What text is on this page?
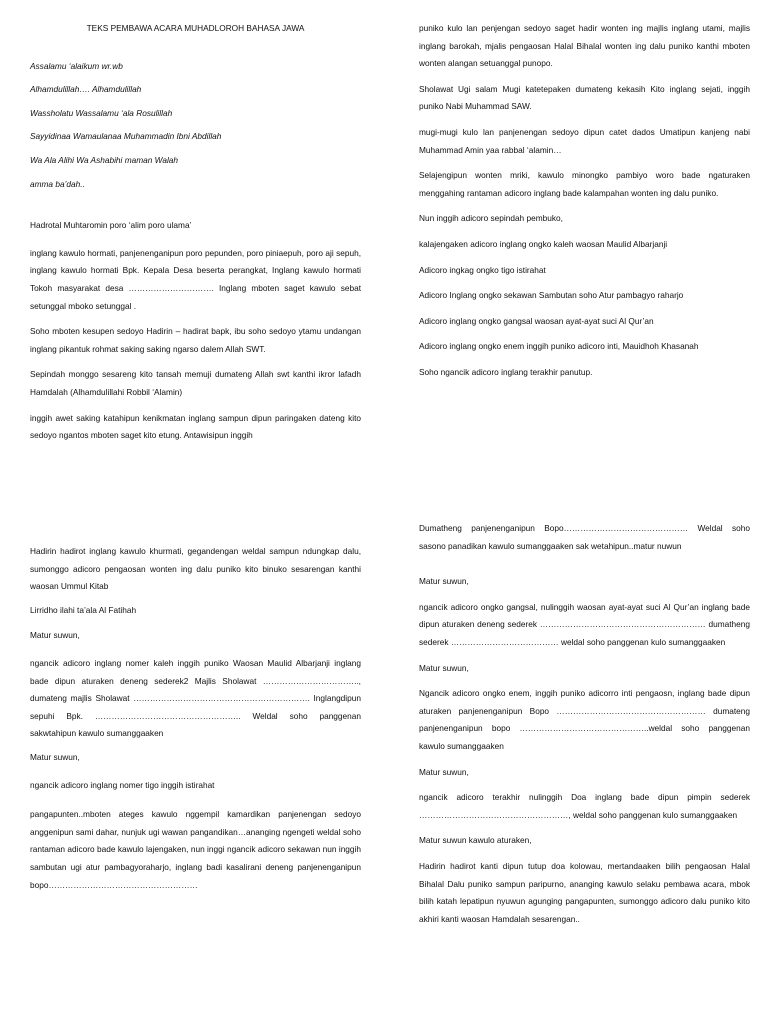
TEKS PEMBAWA ACARA MUHADLOROH BAHASA JAWA

Assalamu ‘alaikum wr.wb

Alhamdulillah…. Alhamdulillah

Wassholatu Wassalamu ‘ala Rosulillah

Sayyidinaa Wamaulanaa Muhammadin Ibni Abdillah

Wa Ala Alihi Wa Ashabihi maman Walah

amma ba’dah..

Hadrotal Muhtaromin poro ‘alim poro ulama’

inglang kawulo hormati, panjenenganipun poro pepunden, poro piniaepuh, poro aji sepuh, inglang kawulo hormati Bpk. Kepala Desa beserta perangkat, Inglang kawulo hormati Tokoh masyarakat desa …………………………. Inglang mboten saget kawulo sebat setunggal mboko setunggal .

Soho mboten kesupen sedoyo Hadirin – hadirat bapk, ibu soho sedoyo ytamu undangan inglang pikantuk rohmat saking saking ngarso dalem Allah SWT.

Sepindah monggo sesareng kito tansah memuji dumateng Allah swt kanthi ikror lafadh Hamdalah (Alhamdulillahi Robbil ‘Alamin)

inggih awet saking katahipun kenikmatan inglang sampun dipun paringaken dateng kito sedoyo ngantos mboten saget kito etung. Antawisipun inggih

puniko kulo lan penjengan sedoyo saget hadir wonten ing majlis inglang utami, majlis inglang barokah, mjalis pengaosan Halal Bihalal wonten ing dalu puniko kanthi mboten wonten alangan setuanggal punopo.

Sholawat Ugi salam Mugi katetepaken dumateng kekasih Kito inglang sejati, inggih puniko Nabi Muhammad SAW.

mugi-mugi kulo lan panjenengan sedoyo dipun catet dados Umatipun kanjeng nabi Muhammad Amin yaa rabbal ‘alamin…

Selajengipun wonten mriki, kawulo minongko pambiyo woro bade ngaturaken menggahing rantaman adicoro inglang bade kalampahan wonten ing dalu puniko.

Nun inggih adicoro sepindah pembuko,

kalajengaken adicoro inglang ongko kaleh waosan Maulid Albarjanji

Adicoro ingkag ongko tigo istirahat

Adicoro Inglang ongko sekawan Sambutan soho Atur pambagyo raharjo

Adicoro inglang ongko gangsal waosan ayat-ayat suci Al Qur’an

Adicoro inglang ongko enem inggih puniko adicoro inti, Mauidhoh Khasanah

Soho ngancik adicoro inglang terakhir panutup.

Hadirin hadirot inglang kawulo khurmati, gegandengan weldal sampun ndungkap dalu, sumonggo adicoro pengaosan wonten ing dalu puniko kito binuko sesarengan kanthi waosan Ummul Kitab

Lirridho ilahi ta’ala Al Fatihah

Matur suwun,

ngancik adicoro inglang nomer kaleh inggih puniko Waosan Maulid Albarjanji inglang bade dipun aturaken deneng sederek2 Majlis Sholawat …………………………….., dumateng majlis Sholawat ………………………………………………………. Inglangdipun sepuhi Bpk. …………………………………………….. Weldal soho panggenan sakwtahipun kawulo sumanggaaken

Matur suwun,

ngancik adicoro inglang nomer tigo inggih istirahat

pangapunten..mboten ateges kawulo nggempil kamardikan panjenengan sedoyo anggenipun sami dahar, nunjuk ugi wawan pangandikan…ananging ngengeti weldal soho rantaman adicoro bade kawulo lajengaken, nun inggi ngancik adicoro sekawan nun inggih sambutan ugi atur pambagyoraharjo, inglang badi kasalirani deneng panjenenganipun bopo………………………………………………

Dumatheng panjenenganipun Bopo……………………………………… Weldal soho sasono panadikan kawulo sumanggaaken sak wetahipun..matur nuwun

Matur suwun,

ngancik adicoro ongko gangsal, nulinggih waosan ayat-ayat suci Al Qur’an inglang bade dipun aturaken deneng sederek …………………………………………………… dumatheng sederek ………………………………… weldal soho panggenan kulo sumanggaaken

Matur suwun,

Ngancik adicoro ongko enem, inggih puniko adicorro inti pengaosn, inglang bade dipun aturaken panjenenganipun Bopo ……………………………………………… dumateng panjenenganipun bopo ………………………………………..weldal soho panggenan kawulo sumanggaaken

Matur suwun,

ngancik adicoro terakhir nulinggih Doa inglang bade dipun pimpin sederek ………………………………………………, weldal soho panggenan kulo sumanggaaken

Matur suwun kawulo aturaken,

Hadirin hadirot kanti dipun tutup doa kolowau, mertandaaken bilih pengaosan Halal Bihalal Dalu puniko sampun paripurno, ananging kawulo selaku pembawa acara, mbok bilih katah lepatipun nyuwun agunging pangapunten, sumonggo adicoro dalu puniko kito akhiri kanti waosan Hamdalah sesarengan..
